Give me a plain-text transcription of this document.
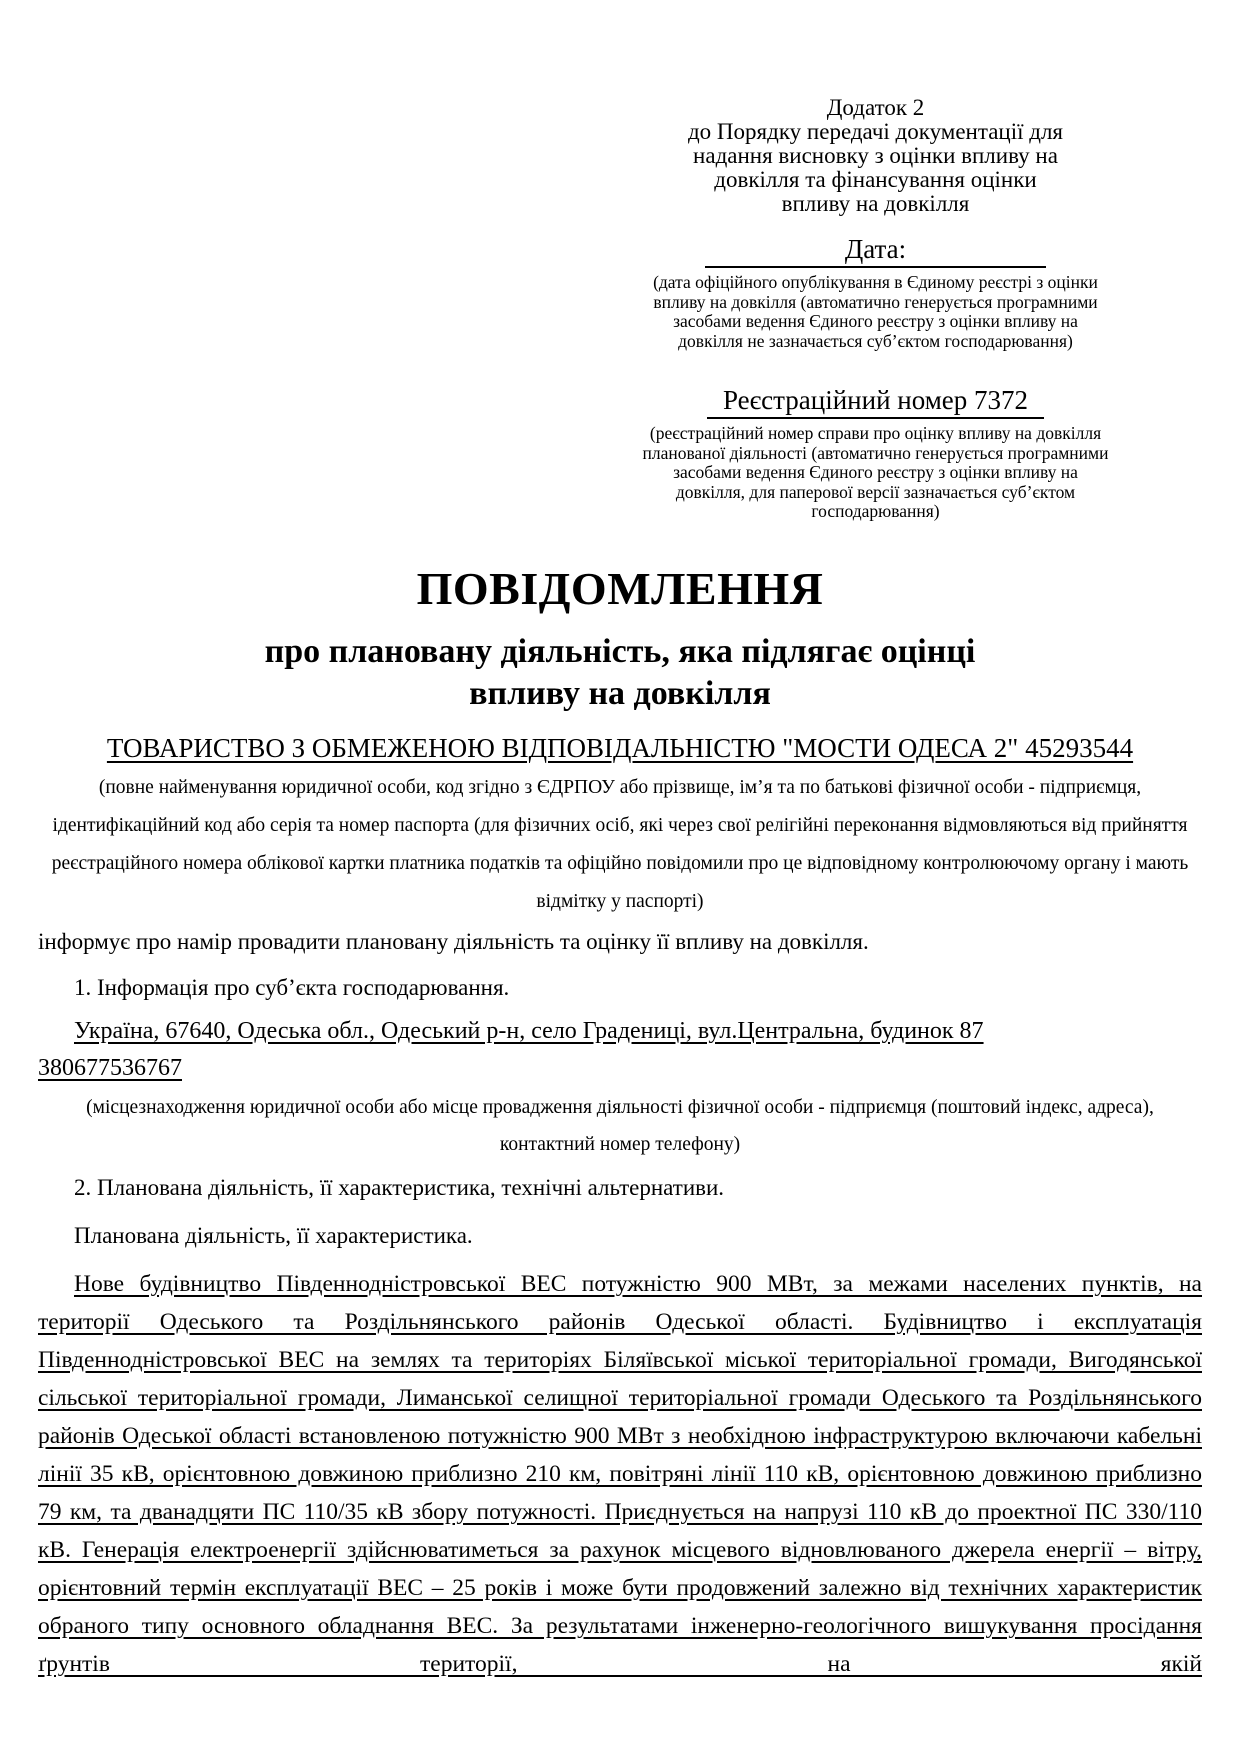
Додаток 2
до Порядку передачі документації для
надання висновку з оцінки впливу на
довкілля та фінансування оцінки
впливу на довкілля
Дата:
(дата офіційного опублікування в Єдиному реєстрі з оцінки впливу на довкілля (автоматично генерується програмними засобами ведення Єдиного реєстру з оцінки впливу на довкілля не зазначається суб’єктом господарювання)
Реєстраційний номер 7372
(реєстраційний номер справи про оцінку впливу на довкілля планованої діяльності (автоматично генерується програмними засобами ведення Єдиного реєстру з оцінки впливу на довкілля, для паперової версії зазначається суб’єктом господарювання)
ПОВІДОМЛЕННЯ
про плановану діяльність, яка підлягає оцінці впливу на довкілля
ТОВАРИСТВО З ОБМЕЖЕНОЮ ВІДПОВІДАЛЬНІСТЮ "МОСТИ ОДЕСА 2" 45293544
(повне найменування юридичної особи, код згідно з ЄДРПОУ або прізвище, ім’я та по батькові фізичної особи - підприємця, ідентифікаційний код або серія та номер паспорта (для фізичних осіб, які через свої релігійні переконання відмовляються від прийняття реєстраційного номера облікової картки платника податків та офіційно повідомили про це відповідному контролюючому органу і мають відмітку у паспорті)
інформує про намір провадити плановану діяльність та оцінку її впливу на довкілля.
1. Інформація про суб’єкта господарювання.
Україна, 67640, Одеська обл., Одеський р-н, село Градениці, вул.Центральна, будинок 87
380677536767
(місцезнаходження юридичної особи або місце провадження діяльності фізичної особи - підприємця (поштовий індекс, адреса), контактний номер телефону)
2. Планована діяльність, її характеристика, технічні альтернативи.
Планована діяльність, її характеристика.
Нове будівництво Південнодністровської ВЕС потужністю 900 МВт, за межами населених пунктів, на території Одеського та Роздільнянського районів Одеської області. Будівництво і експлуатація Південнодністровської ВЕС на землях та територіях Біляївської міської територіальної громади, Вигодянської сільської територіальної громади, Лиманської селищної територіальної громади Одеського та Роздільнянського районів Одеської області встановленою потужністю 900 МВт з необхідною інфраструктурою включаючи кабельні лінії 35 кВ, орієнтовною довжиною приблизно 210 км, повітряні лінії 110 кВ, орієнтовною довжиною приблизно 79 км, та дванадцяти ПС 110/35 кВ збору потужності. Приєднується на напрузі 110 кВ до проектної ПС 330/110 кВ. Генерація електроенергії здійснюватиметься за рахунок місцевого відновлюваного джерела енергії – вітру, орієнтовний термін експлуатації ВЕС – 25 років і може бути продовжений залежно від технічних характеристик обраного типу основного обладнання ВЕС. За результатами інженерно-геологічного вишукування просідання ґрунтів території, на якій
